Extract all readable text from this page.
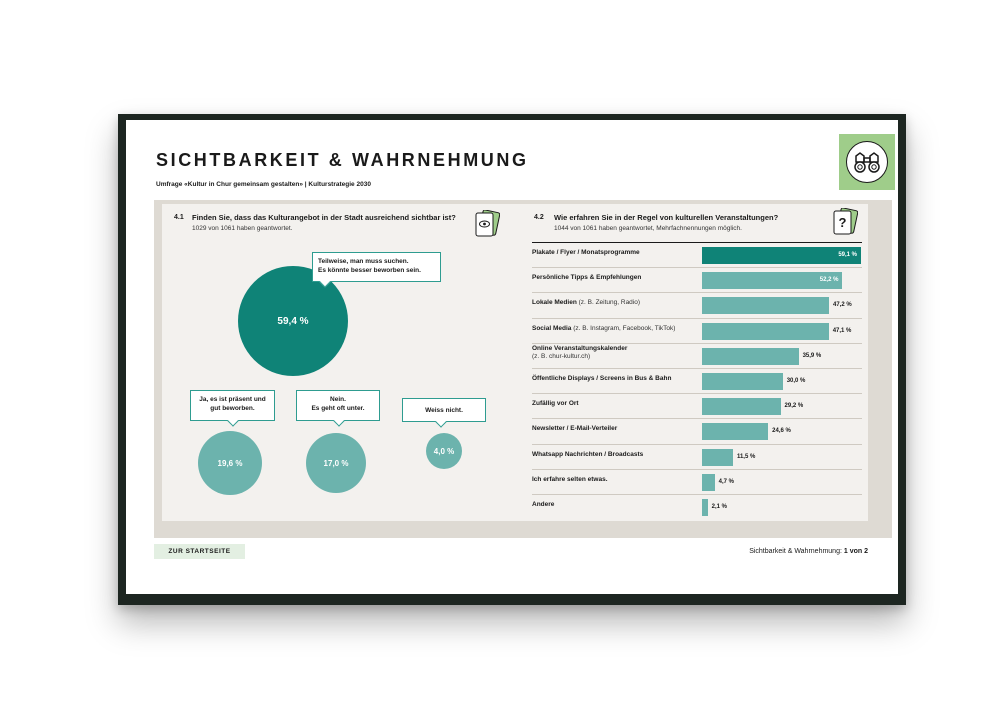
SICHTBARKEIT & WAHRNEHMUNG
Umfrage «Kultur in Chur gemeinsam gestalten» | Kulturstrategie 2030
4.1 Finden Sie, dass das Kulturangebot in der Stadt ausreichend sichtbar ist?
1029 von 1061 haben geantwortet.
59,4 %
Teilweise, man muss suchen.
Es könnte besser beworben sein.
Ja, es ist präsent und
gut beworben.
19,6 %
Nein.
Es geht oft unter.
17,0 %
Weiss nicht.
4,0 %
4.2 Wie erfahren Sie in der Regel von kulturellen Veranstaltungen?
1044 von 1061 haben geantwortet, Mehrfachnennungen möglich.	?
Plakate / Flyer / Monatsprogramme	59,1 %
Persönliche Tipps & Empfehlungen	52,2 %
Lokale Medien (z. B. Zeitung, Radio)	47,2 %
Social Media (z. B. Instagram, Facebook, TikTok)	47,1 %
Online Veranstaltungskalender
(z. B. chur-kultur.ch)	35,9 %
Öffentliche Displays / Screens in Bus & Bahn	30,0 %
Zufällig vor Ort	29,2 %
Newsletter / E-Mail-Verteiler	24,6 %
Whatsapp Nachrichten / Broadcasts	11,5 %
Ich erfahre selten etwas.	4,7 %
Andere	2,1 %
ZUR STARTSEITE	Sichtbarkeit & Wahrnehmung: 1 von 2
